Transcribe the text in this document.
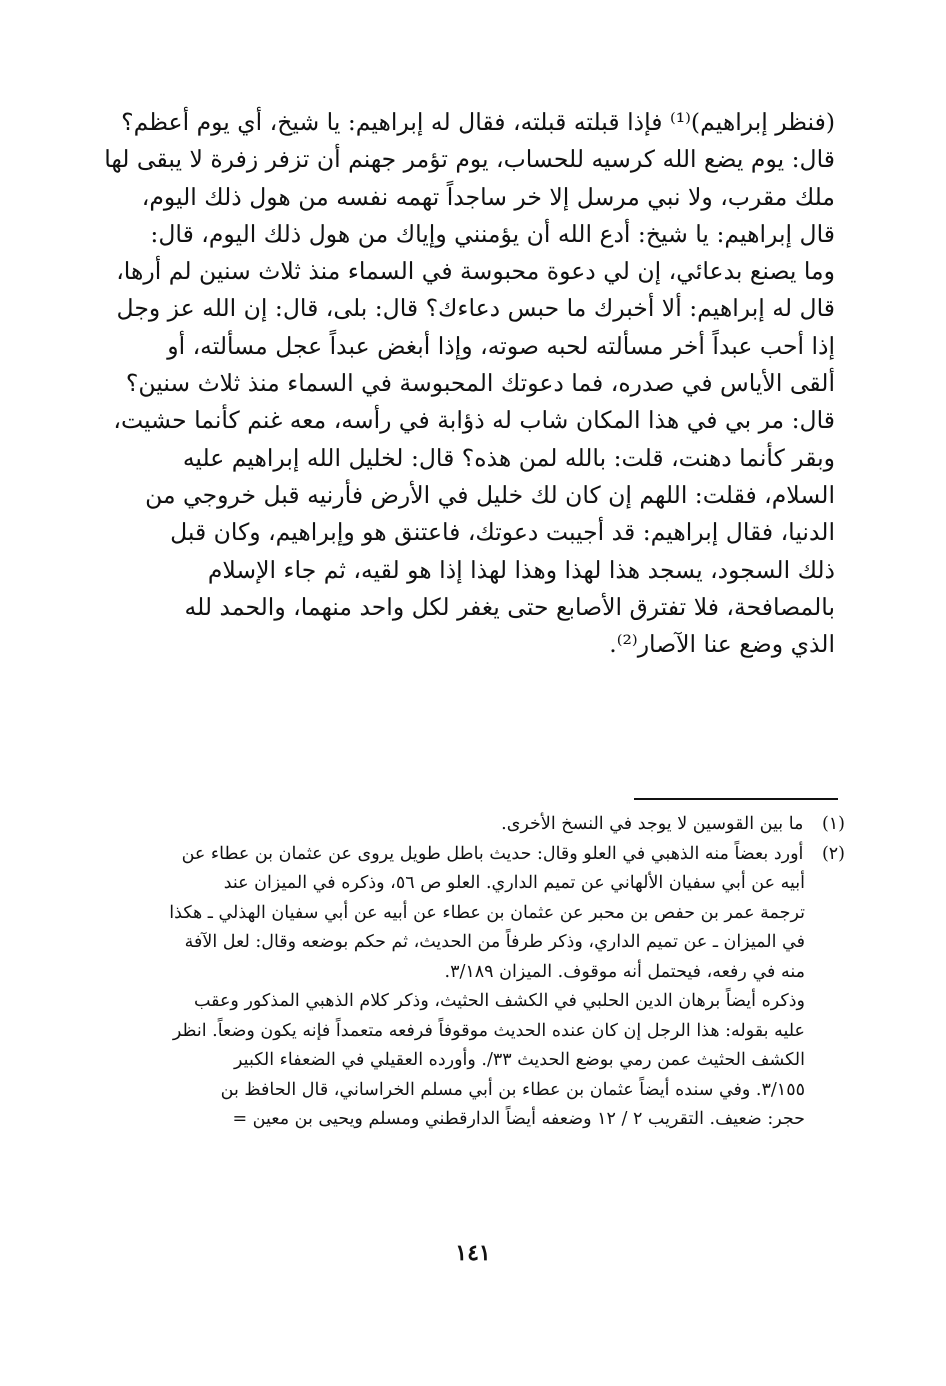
(فنظر إبراهيم)⁽¹⁾ فإذا قبلته قبلته، فقال له إبراهيم: يا شيخ، أي يوم أعظم؟
قال: يوم يضع الله كرسيه للحساب، يوم تؤمر جهنم أن تزفر زفرة لا يبقى لها
ملك مقرب، ولا نبي مرسل إلا خر ساجداً تهمه نفسه من هول ذلك اليوم،
قال إبراهيم: يا شيخ: أدع الله أن يؤمنني وإياك من هول ذلك اليوم، قال:
وما يصنع بدعائي، إن لي دعوة محبوسة في السماء منذ ثلاث سنين لم أرها،
قال له إبراهيم: ألا أخبرك ما حبس دعاءك؟ قال: بلى، قال: إن الله عز وجل
إذا أحب عبداً أخر مسألته لحبه صوته، وإذا أبغض عبداً عجل مسألته، أو
ألقى الأياس في صدره، فما دعوتك المحبوسة في السماء منذ ثلاث سنين؟
قال: مر بي في هذا المكان شاب له ذؤابة في رأسه، معه غنم كأنما حشيت،
وبقر كأنما دهنت، قلت: بالله لمن هذه؟ قال: لخليل الله إبراهيم عليه
السلام، فقلت: اللهم إن كان لك خليل في الأرض فأرنيه قبل خروجي من
الدنيا، فقال إبراهيم: قد أجيبت دعوتك، فاعتنق هو وإبراهيم، وكان قبل
ذلك السجود، يسجد هذا لهذا وهذا لهذا إذا هو لقيه، ثم جاء الإسلام
بالمصافحة، فلا تفترق الأصابع حتى يغفر لكل واحد منهما، والحمد لله
الذي وضع عنا الآصار⁽²⁾.
(١) ما بين القوسين لا يوجد في النسخ الأخرى.
(٢) أورد بعضاً منه الذهبي في العلو وقال: حديث باطل طويل يروى عن عثمان بن عطاء عن
أبيه عن أبي سفيان الألهاني عن تميم الداري. العلو ص ٥٦، وذكره في الميزان عند
ترجمة عمر بن حفص بن محبر عن عثمان بن عطاء عن أبيه عن أبي سفيان الهذلي ـ هكذا
في الميزان ـ عن تميم الداري، وذكر طرفاً من الحديث، ثم حكم بوضعه وقال: لعل الآفة
منه في رفعه، فيحتمل أنه موقوف. الميزان ٣/١٨٩.
وذكره أيضاً برهان الدين الحلبي في الكشف الحثيث، وذكر كلام الذهبي المذكور وعقب
عليه بقوله: هذا الرجل إن كان عنده الحديث موقوفاً فرفعه متعمداً فإنه يكون وضعاً. انظر
الكشف الحثيث عمن رمي بوضع الحديث ٣٣/. وأورده العقيلي في الضعفاء الكبير
٣/١٥٥. وفي سنده أيضاً عثمان بن عطاء بن أبي مسلم الخراساني، قال الحافظ بن
حجر: ضعيف. التقريب ٢ / ١٢ وضعفه أيضاً الدارقطني ومسلم ويحيى بن معين =
١٤١
